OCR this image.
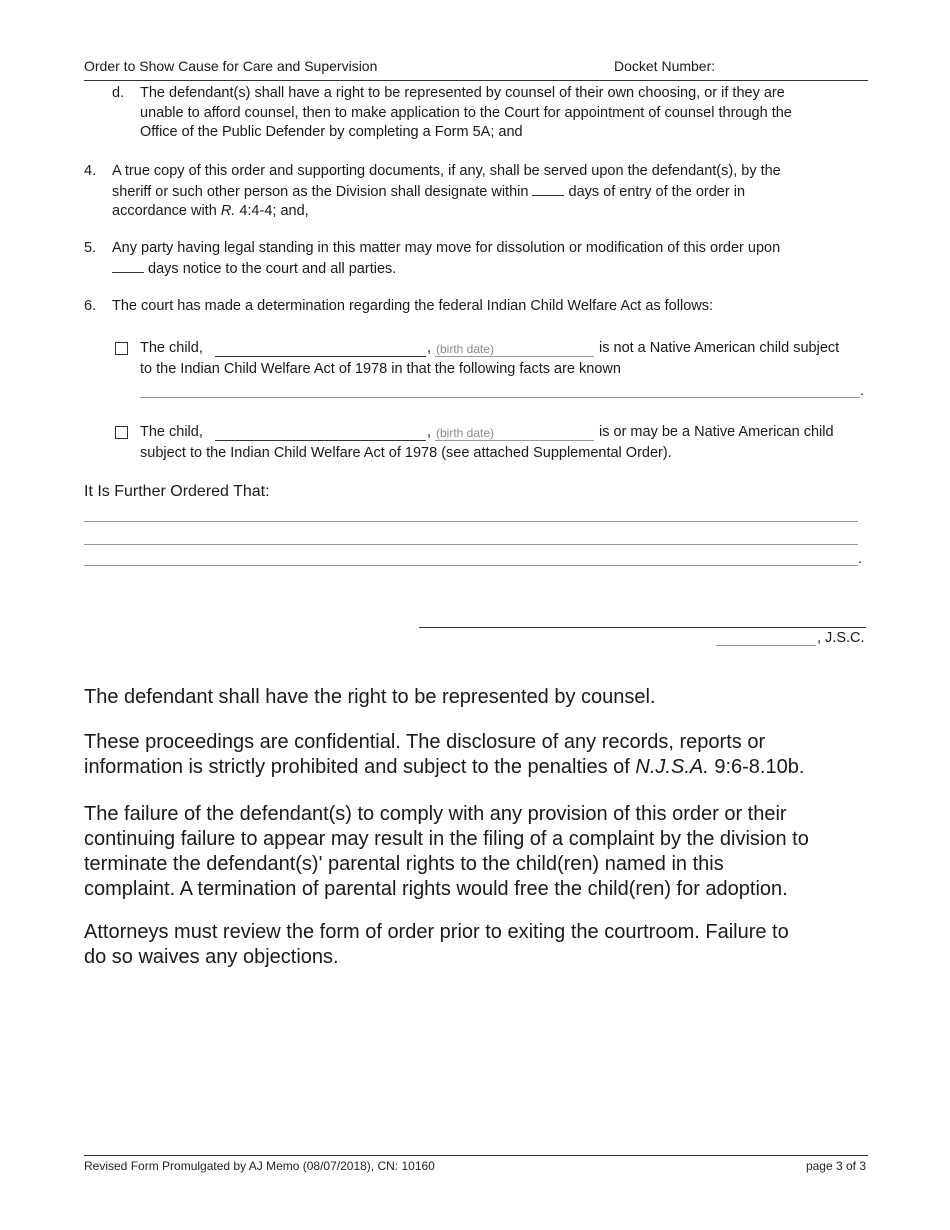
Order to Show Cause for Care and Supervision	Docket Number:
d. The defendant(s) shall have a right to be represented by counsel of their own choosing, or if they are
unable to afford counsel, then to make application to the Court for appointment of counsel through the
Office of the Public Defender by completing a Form 5A; and
4. A true copy of this order and supporting documents, if any, shall be served upon the defendant(s), by the
sheriff or such other person as the Division shall designate within	days of entry of the order in
accordance with R. 4:4-4; and,
5. Any party having legal standing in this matter may move for dissolution or modification of this order upon
days notice to the court and all parties.
6. The court has made a determination regarding the federal Indian Child Welfare Act as follows:
The child,	, (birth date)	is not a Native American child subject
to the Indian Child Welfare Act of 1978 in that the following facts are known
.
The child,	, (birth date)	is or may be a Native American child
subject to the Indian Child Welfare Act of 1978 (see attached Supplemental Order).
It Is Further Ordered That:
.
, J.S.C.
The defendant shall have the right to be represented by counsel.
These proceedings are confidential. The disclosure of any records, reports or
information is strictly prohibited and subject to the penalties of N.J.S.A. 9:6-8.10b.
The failure of the defendant(s) to comply with any provision of this order or their
continuing failure to appear may result in the filing of a complaint by the division to
terminate the defendant(s)' parental rights to the child(ren) named in this
complaint. A termination of parental rights would free the child(ren) for adoption.
Attorneys must review the form of order prior to exiting the courtroom. Failure to
do so waives any objections.
Revised Form Promulgated by AJ Memo (08/07/2018), CN: 10160	page 3 of 3
